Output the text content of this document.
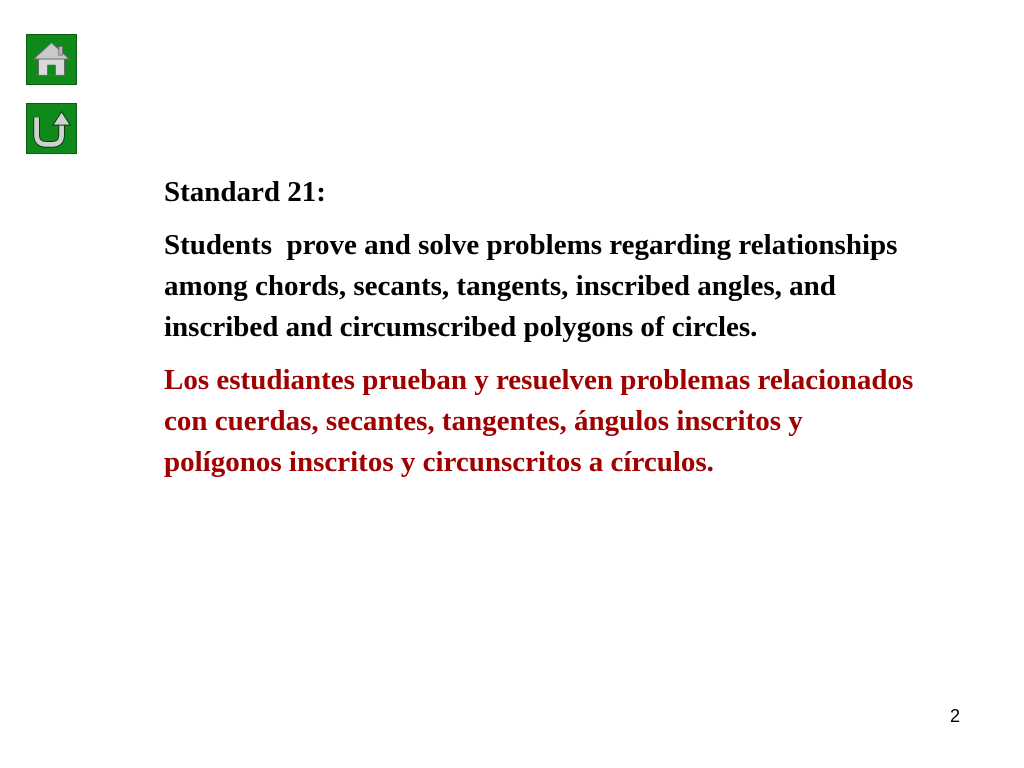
Standard 21:

Students  prove and solve problems regarding relationships among chords, secants, tangents, inscribed angles, and inscribed and circumscribed polygons of circles.

Los estudiantes prueban y resuelven problemas relacionados con cuerdas, secantes, tangentes, ángulos inscritos y polígonos inscritos y circunscritos a círculos.

2
